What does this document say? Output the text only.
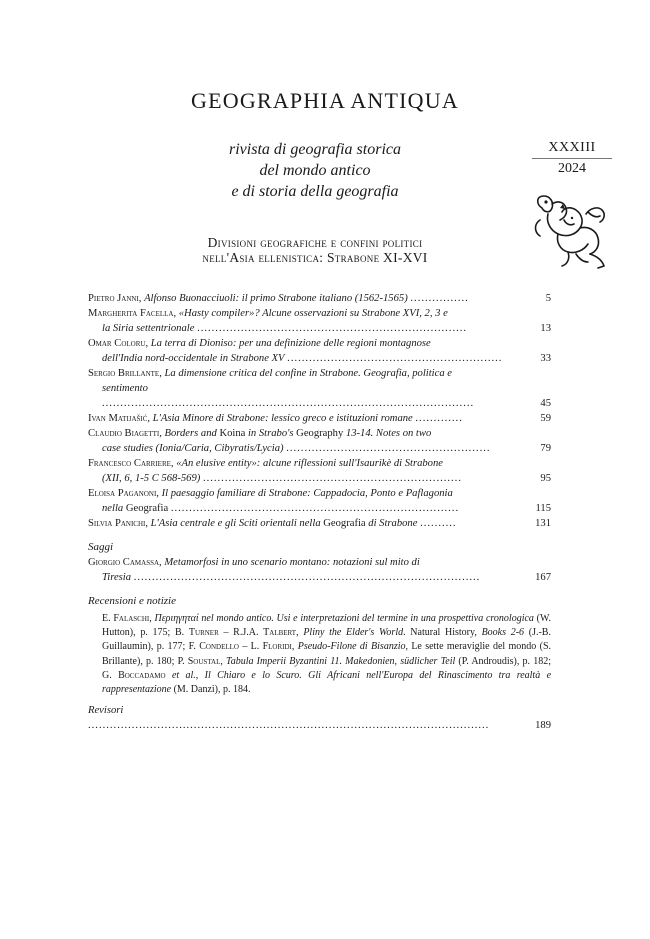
GEOGRAPHIA ANTIQUA
rivista di geografia storica
del mondo antico
e di storia della geografia
XXXIII
2024
Divisioni geografiche e confini politici
nell'Asia ellenistica: Strabone XI-XVI
Pietro Janni, Alfonso Buonacciuoli: il primo Strabone italiano (1562-1565) ................	5
Margherita Facella, «Hasty compiler»? Alcune osservazioni su Strabone XVI, 2, 3 e
la Siria settentrionale ..........................................................................	13
Omar Coloru, La terra di Dioniso: per una definizione delle regioni montagnose
dell'India nord-occidentale in Strabone XV ...........................................................	33
Sergio Brillante, La dimensione critica del confine in Strabone. Geografia, politica e
sentimento ......................................................................................................	45
Ivan Matijašić, L'Asia Minore di Strabone: lessico greco e istituzioni romane .............	59
Claudio Biagetti, Borders and Koina in Strabo's Geography 13-14. Notes on two
case studies (Ionia/Caria, Cibyratis/Lycia) ........................................................	79
Francesco Carriere, «An elusive entity»: alcune riflessioni sull'Isaurikè di Strabone
(XII, 6, 1-5 C 568-569) .......................................................................	95
Eloisa Paganoni, Il paesaggio familiare di Strabone: Cappadocia, Ponto e Paflagonia
nella Geografia ...............................................................................	115
Silvia Panichi, L'Asia centrale e gli Sciti orientali nella Geografia di Strabone ..........	131
Saggi
Giorgio Camassa, Metamorfosi in uno scenario montano: notazioni sul mito di
Tiresia ...............................................................................................	167
Recensioni e notizie
E. Falaschi, Περιηγηταί nel mondo antico. Usi e interpretazioni del termine in una prospettiva cronologica (W. Hutton), p. 175; B. Turner – R.J.A. Talbert, Pliny the Elder's World. Natural History, Books 2-6 (J.-B. Guillaumin), p. 177; F. Condello – L. Floridi, Pseudo-Filone di Bisanzio, Le sette meraviglie del mondo (S. Brillante), p. 180; P. Soustal, Tabula Imperii Byzantini 11. Makedonien, südlicher Teil (P. Androudis), p. 182; G. Boccadamo et al., Il Chiaro e lo Scuro. Gli Africani nell'Europa del Rinascimento tra realtà e rappresentazione (M. Danzi), p. 184.
Revisori ..............................................................................................................	189
